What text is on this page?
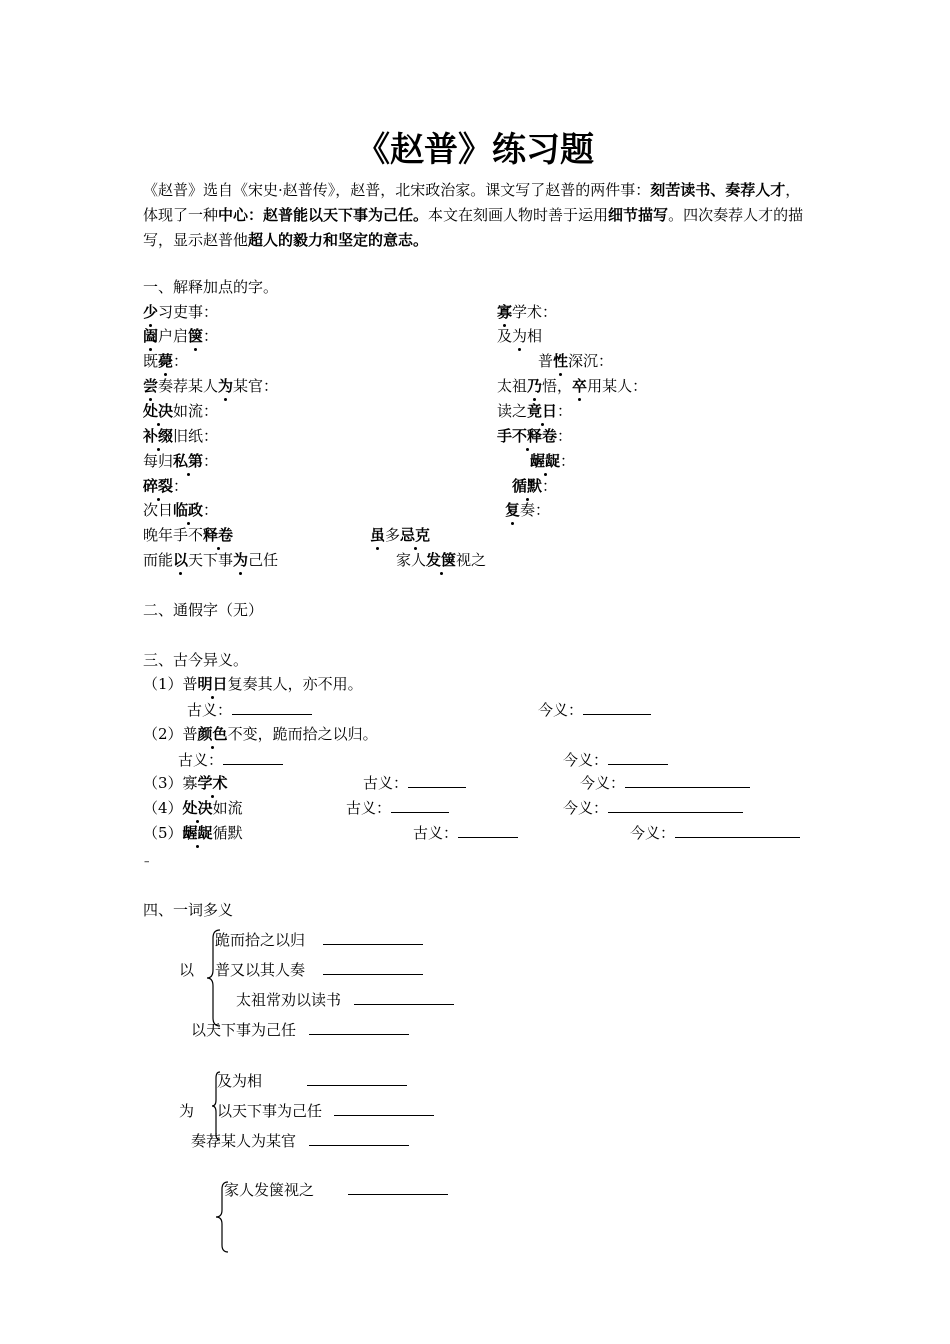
《赵普》练习题
《赵普》选自《宋史·赵普传》，赵普，北宋政治家。课文写了赵普的两件事：刻苦读书、奏荐人才，体现了一种中心：赵普能以天下事为己任。本文在刻画人物时善于运用细节描写。四次奏荐人才的描写，显示赵普他超人的毅力和坚定的意志。
一、解释加点的字。
少习吏事：
阖户启箧：
既薨：
尝奏荐某人为某官：
处决如流：
补缀旧纸：
每归私第：
碎裂：
次日临政：
寡学术：
及为相
普性深沉：
太祖乃悟，卒用某人：
读之竟日：
手不释卷：
龌龊：
循默：
复奏：
晚年手不释卷	虽多忌克
而能以天下事为己任	家人发箧视之
二、通假字（无）
三、古今异义。
（1）普明日复奏其人，亦不用。
古义：	今义：
（2）普颜色不变，跪而拾之以归。
古义：	今义：
（3）寡学术	古义：	今义：
（4）处决如流	古义：	今义：
（5）龌龊循默	古义：	今义：
–
四、一词多义
以
跪而拾之以归
普又以其人奏
太祖常劝以读书
以天下事为己任
为
及为相
以天下事为己任
奏荐某人为某官
家人发箧视之
